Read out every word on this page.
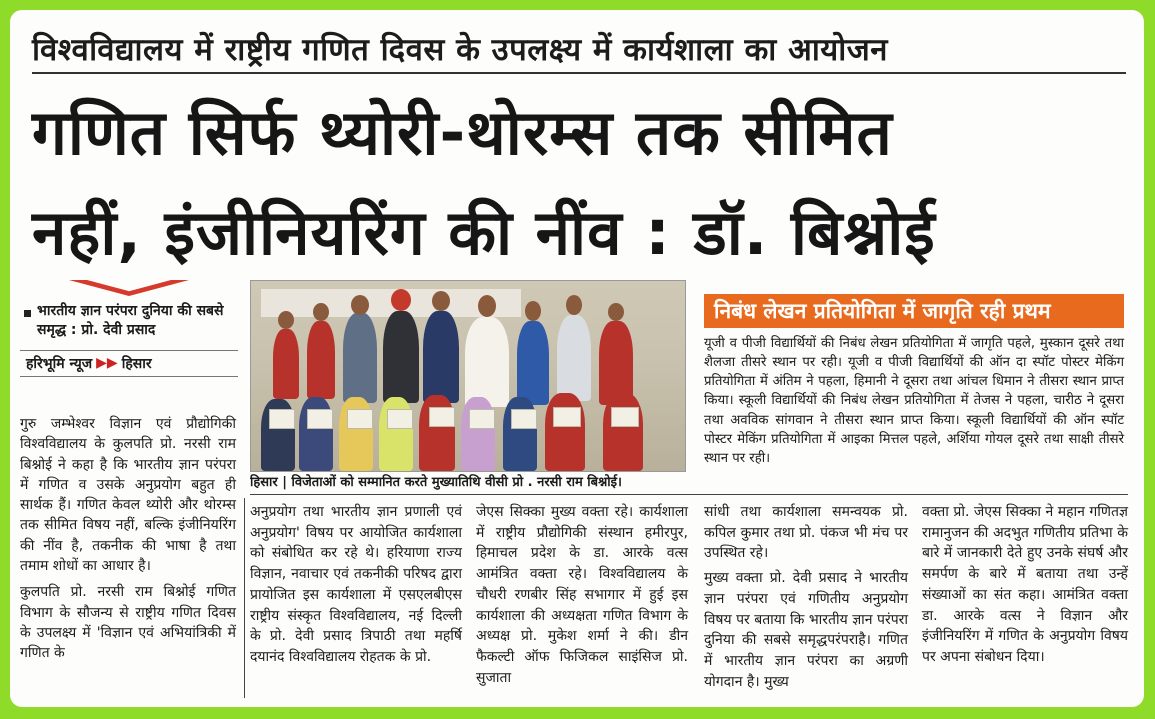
विश्वविद्यालय में राष्ट्रीय गणित दिवस के उपलक्ष्य में कार्यशाला का आयोजन
गणित सिर्फ थ्योरी-थोरम्स तक सीमित
नहीं, इंजीनियरिंग की नींव : डॉ. बिश्नोई
भारतीय ज्ञान परंपरा दुनिया की सबसे समृद्ध : प्रो. देवी प्रसाद
हरिभूमि न्यूज ▶▶ हिसार

गुरु जम्भेश्वर विज्ञान एवं प्रौद्योगिकी विश्वविद्यालय के कुलपति प्रो. नरसी राम बिश्नोई ने कहा है कि भारतीय ज्ञान परंपरा में गणित व उसके अनुप्रयोग बहुत ही सार्थक हैं। गणित केवल थ्योरी और थोरम्स तक सीमित विषय नहीं, बल्कि इंजीनियरिंग की नींव है, तकनीक की भाषा है तथा तमाम शोधों का आधार है।

कुलपति प्रो. नरसी राम बिश्नोई गणित विभाग के सौजन्य से राष्ट्रीय गणित दिवस के उपलक्ष्य में 'विज्ञान एवं अभियांत्रिकी में गणित के

हिसार | विजेताओं को सम्मानित करते मुख्यातिथि वीसी प्रो . नरसी राम बिश्नोई।
निबंध लेखन प्रतियोगिता में जागृति रही प्रथम
यूजी व पीजी विद्यार्थियों की निबंध लेखन प्रतियोगिता में जागृति पहले, मुस्कान दूसरे तथा शैलजा तीसरे स्थान पर रही। यूजी व पीजी विद्यार्थियों की ऑन दा स्पॉट पोस्टर मेकिंग प्रतियोगिता में अंतिम ने पहला, हिमानी ने दूसरा तथा आंचल धिमान ने तीसरा स्थान प्राप्त किया। स्कूली विद्यार्थियों की निबंध लेखन प्रतियोगिता में तेजस ने पहला, चारीठ ने दूसरा तथा अवविक सांगवान ने तीसरा स्थान प्राप्त किया। स्कूली विद्यार्थियों की ऑन स्पॉट पोस्टर मेकिंग प्रतियोगिता में आइका मित्तल पहले, अर्शिया गोयल दूसरे तथा साक्षी तीसरे स्थान पर रही।

अनुप्रयोग तथा भारतीय ज्ञान प्रणाली एवं अनुप्रयोग' विषय पर आयोजित कार्यशाला को संबोधित कर रहे थे। हरियाणा राज्य विज्ञान, नवाचार एवं तकनीकी परिषद द्वारा प्रायोजित इस कार्यशाला में एसएलबीएस राष्ट्रीय संस्कृत विश्वविद्यालय, नई दिल्ली के प्रो. देवी प्रसाद त्रिपाठी तथा महर्षि दयानंद विश्वविद्यालय रोहतक के प्रो.

जेएस सिक्का मुख्य वक्ता रहे। कार्यशाला में राष्ट्रीय प्रौद्योगिकी संस्थान हमीरपुर, हिमाचल प्रदेश के डा. आरके वत्स आमंत्रित वक्ता रहे। विश्वविद्यालय के चौधरी रणबीर सिंह सभागार में हुई इस कार्यशाला की अध्यक्षता गणित विभाग के अध्यक्ष प्रो. मुकेश शर्मा ने की। डीन फैकल्टी ऑफ फिजिकल साइंसिज प्रो. सुजाता

सांधी तथा कार्यशाला समन्वयक प्रो. कपिल कुमार तथा प्रो. पंकज भी मंच पर उपस्थित रहे।

मुख्य वक्ता प्रो. देवी प्रसाद ने भारतीय ज्ञान परंपरा एवं गणितीय अनुप्रयोग विषय पर बताया कि भारतीय ज्ञान परंपरा दुनिया की सबसे समृद्धपरंपराहै। गणित में भारतीय ज्ञान परंपरा का अग्रणी योगदान है। मुख्य

वक्ता प्रो. जेएस सिक्का ने महान गणितज्ञ रामानुजन की अदभुत गणितीय प्रतिभा के बारे में जानकारी देते हुए उनके संघर्ष और समर्पण के बारे में बताया तथा उन्हें संख्याओं का संत कहा। आमंत्रित वक्ता डा. आरके वत्स ने विज्ञान और इंजीनियरिंग में गणित के अनुप्रयोग विषय पर अपना संबोधन दिया।
